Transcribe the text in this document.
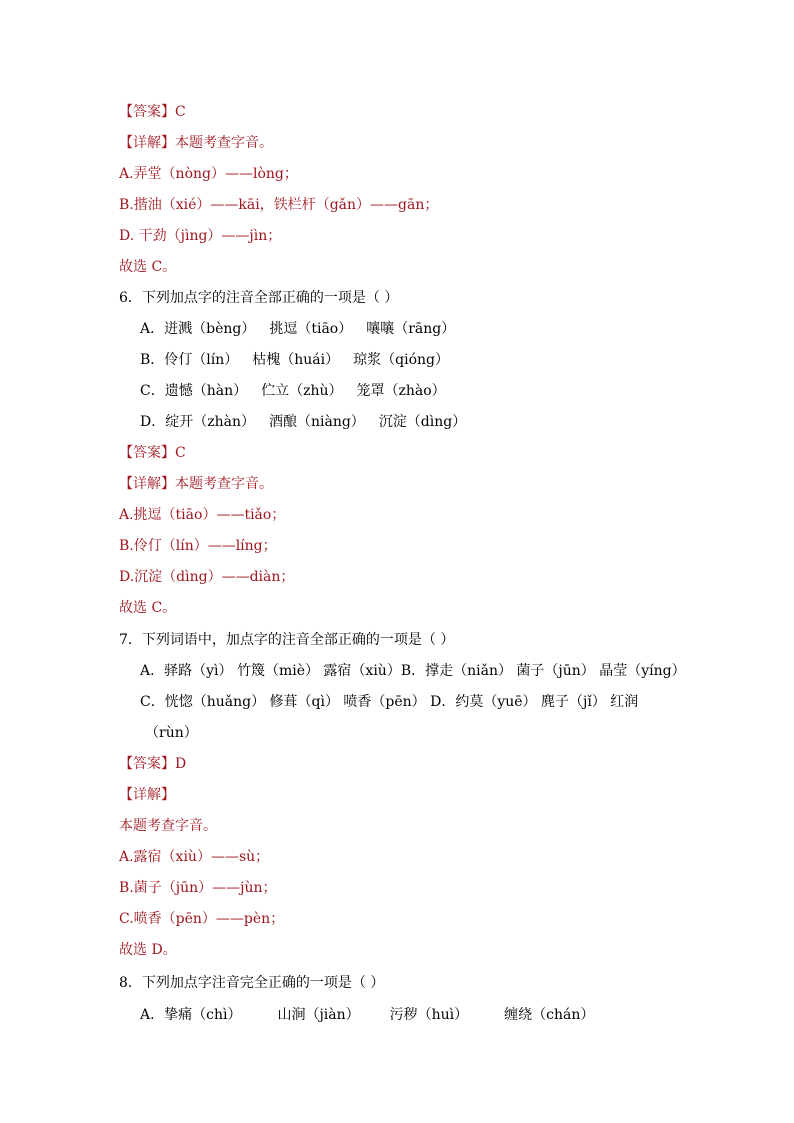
【答案】C
【详解】本题考查字音。
A.弄堂（nòng）——lòng；
B.揩油（xié）——kāi，铁栏杆（gǎn）——gān；
D. 干劲（jìng）——jìn；
故选 C。
6．下列加点字的注音全部正确的一项是（ ）
A．迸溅（bèng） 挑逗（tiāo） 嚷嚷（rāng）
B．伶仃（lín） 枯槐（huái） 琼浆（qióng）
C．遗憾（hàn） 伫立（zhù） 笼罩（zhào）
D．绽开（zhàn） 酒酿（niàng） 沉淀（dìng）
【答案】C
【详解】本题考查字音。
A.挑逗（tiāo）——tiǎo；
B.伶仃（lín）——líng；
D.沉淀（dìng）——diàn；
故选 C。
7．下列词语中，加点字的注音全部正确的一项是（ ）
A．驿路（yì） 竹篾（miè） 露宿（xiù）B．撑走（niǎn） 菌子（jūn） 晶莹（yíng）
C．恍惚（huǎng） 修葺（qì） 喷香（pēn） D．约莫（yuē） 麂子（jǐ） 红润
（rùn）
【答案】D
【详解】
本题考查字音。
A.露宿（xiù）——sù；
B.菌子（jūn）——jùn；
C.喷香（pēn）——pèn；
故选 D。
8．下列加点字注音完全正确的一项是（ ）
A．挚痛（chì）	山涧（jiàn） 污秽（huì）	缠绕（chán）
